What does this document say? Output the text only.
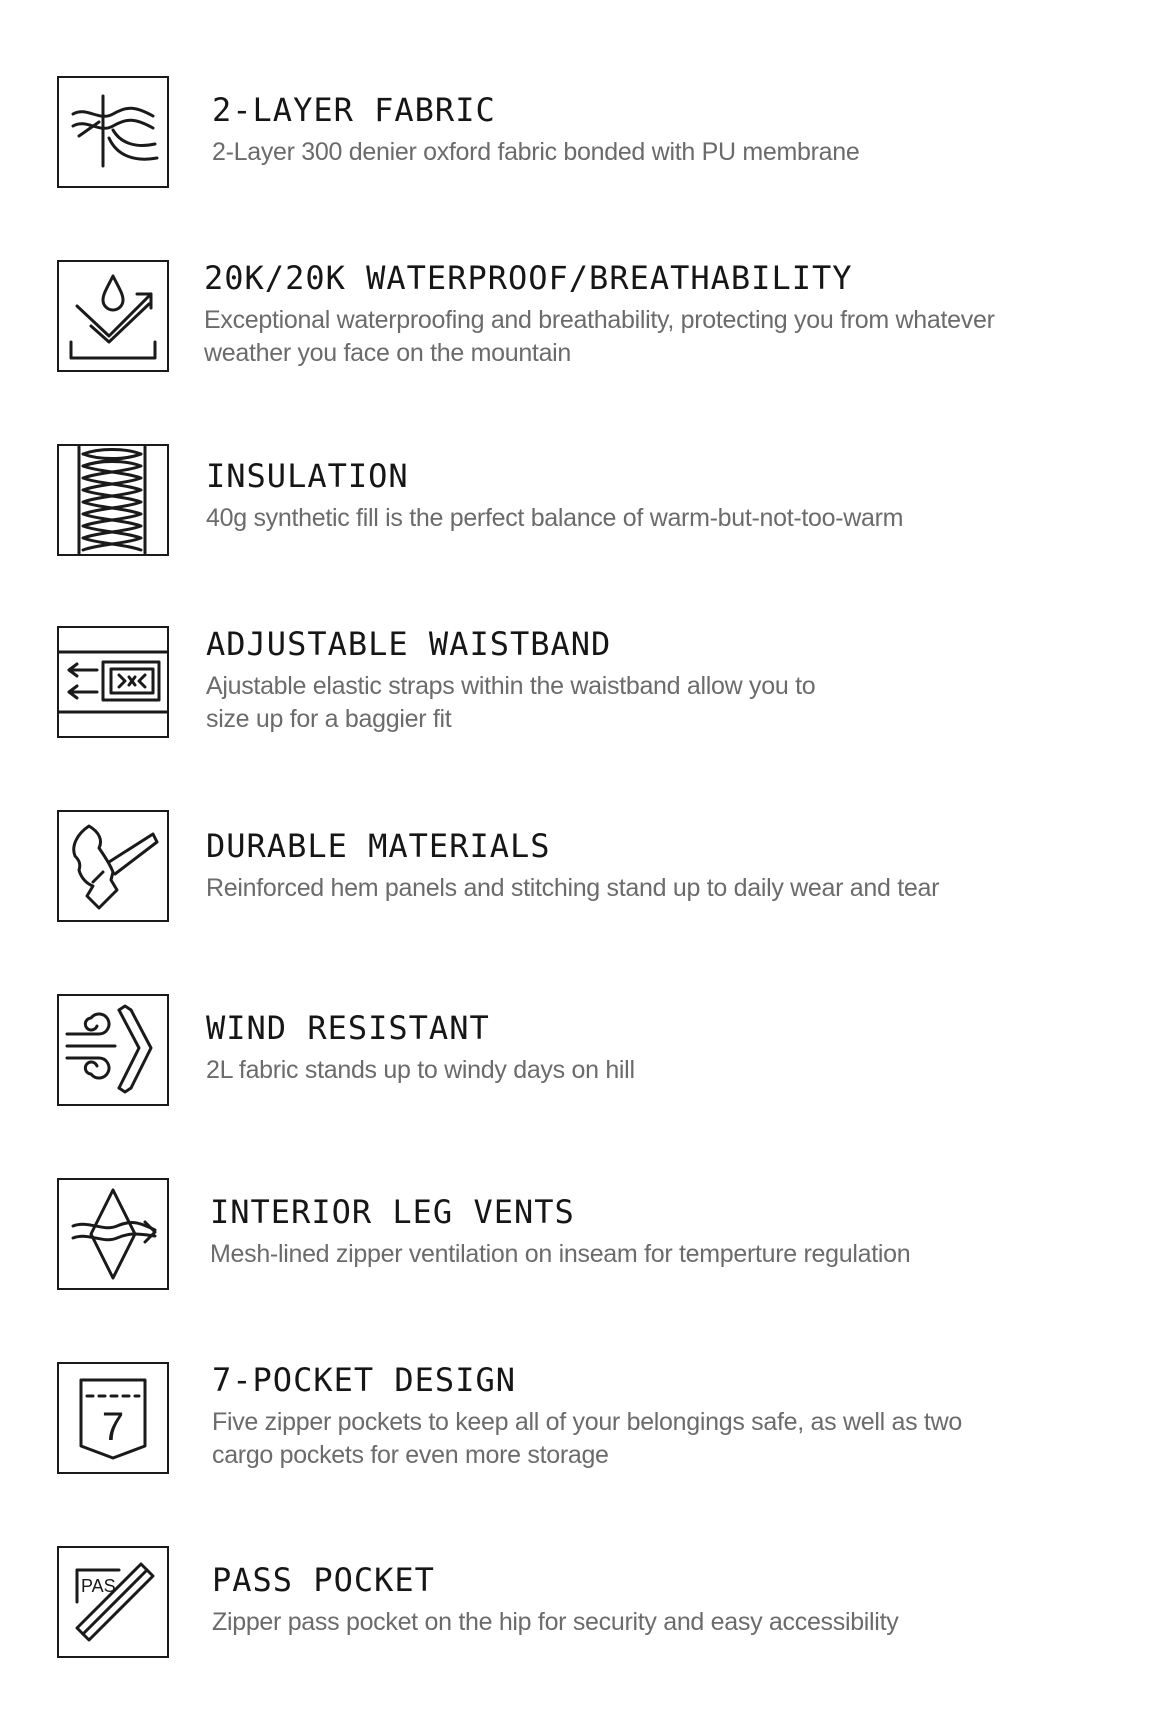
2-LAYER FABRIC

2-Layer 300 denier oxford fabric bonded with PU membrane

20K/20K WATERPROOF/BREATHABILITY

Exceptional waterproofing and breathability, protecting you from whatever

weather you face on the mountain

INSULATION

40g synthetic fill is the perfect balance of warm-but-not-too-warm

ADJUSTABLE WAISTBAND

Ajustable elastic straps within the waistband allow you to

size up for a baggier fit

DURABLE MATERIALS

Reinforced hem panels and stitching stand up to daily wear and tear

WIND RESISTANT

2L fabric stands up to windy days on hill

INTERIOR LEG VENTS

Mesh-lined zipper ventilation on inseam for temperture regulation

7
7-POCKET DESIGN

Five zipper pockets to keep all of your belongings safe, as well as two

cargo pockets for even more storage

PAS	PASS POCKET

Zipper pass pocket on the hip for security and easy accessibility
